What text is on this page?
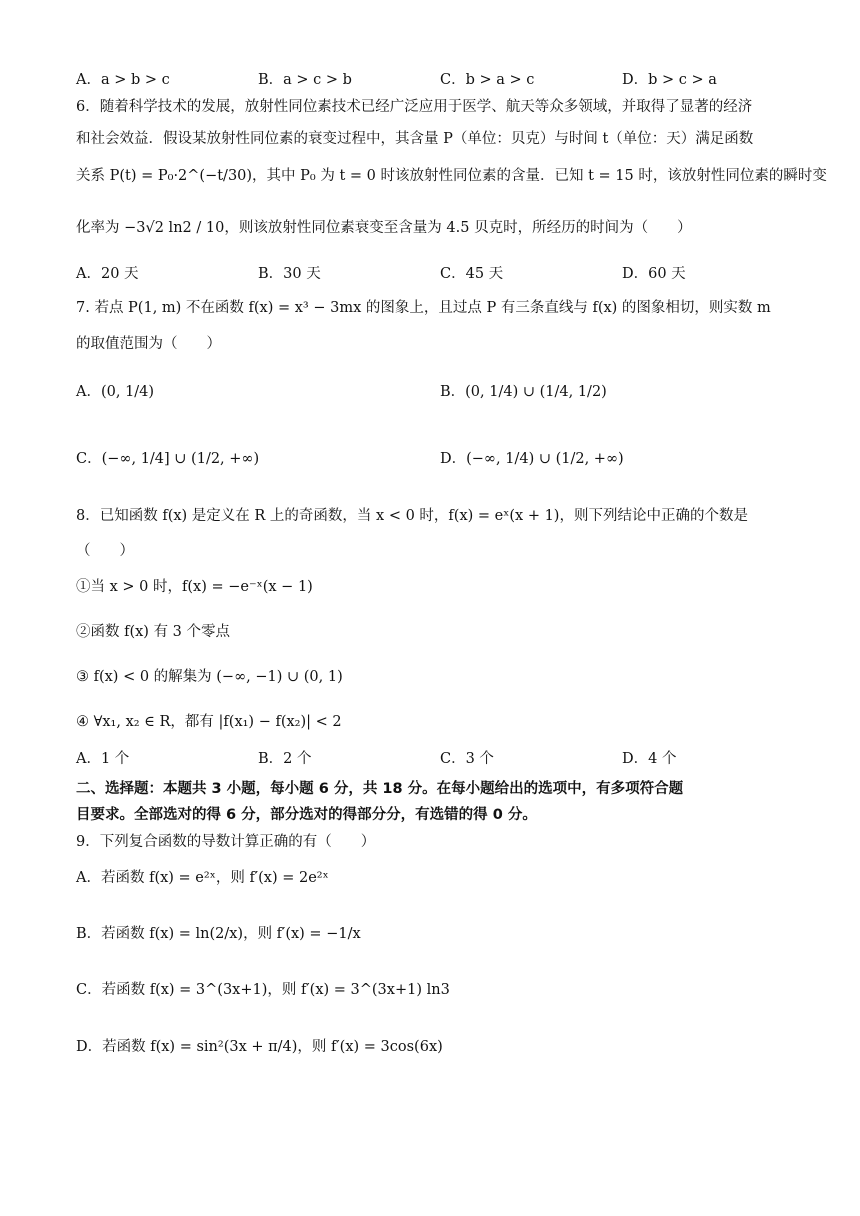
A．a > b > c	B．a > c > b	C．b > a > c	D．b > c > a
6．随着科学技术的发展，放射性同位素技术已经广泛应用于医学、航天等众多领域，并取得了显著的经济
和社会效益．假设某放射性同位素的衰变过程中，其含量 P（单位：贝克）与时间 t（单位：天）满足函数
关系 P(t) = P₀·2^(−t/30)，其中 P₀ 为 t = 0 时该放射性同位素的含量．已知 t = 15 时，该放射性同位素的瞬时变
化率为 −3√2 ln2 / 10，则该放射性同位素衰变至含量为 4.5 贝克时，所经历的时间为（　　）
A．20 天	B．30 天	C．45 天	D．60 天
7. 若点 P(1, m) 不在函数 f(x) = x³ − 3mx 的图象上，且过点 P 有三条直线与 f(x) 的图象相切，则实数 m
的取值范围为（　　）
A．(0, 1/4)	B．(0, 1/4) ∪ (1/4, 1/2)
C．(−∞, 1/4] ∪ (1/2, +∞)	D．(−∞, 1/4) ∪ (1/2, +∞)
8．已知函数 f(x) 是定义在 R 上的奇函数，当 x < 0 时，f(x) = eˣ(x + 1)，则下列结论中正确的个数是
（　　）
①当 x > 0 时，f(x) = −e⁻ˣ(x − 1)
②函数 f(x) 有 3 个零点
③ f(x) < 0 的解集为 (−∞, −1) ∪ (0, 1)
④ ∀x₁, x₂ ∈ R，都有 |f(x₁) − f(x₂)| < 2
A．1 个	B．2 个	C．3 个	D．4 个
二、选择题：本题共 3 小题，每小题 6 分，共 18 分。在每小题给出的选项中，有多项符合题
目要求。全部选对的得 6 分，部分选对的得部分分，有选错的得 0 分。
9．下列复合函数的导数计算正确的有（　　）
A．若函数 f(x) = e²ˣ，则 f′(x) = 2e²ˣ
B．若函数 f(x) = ln(2/x)，则 f′(x) = −1/x
C．若函数 f(x) = 3^(3x+1)，则 f′(x) = 3^(3x+1) ln3
D．若函数 f(x) = sin²(3x + π/4)，则 f′(x) = 3cos(6x)
